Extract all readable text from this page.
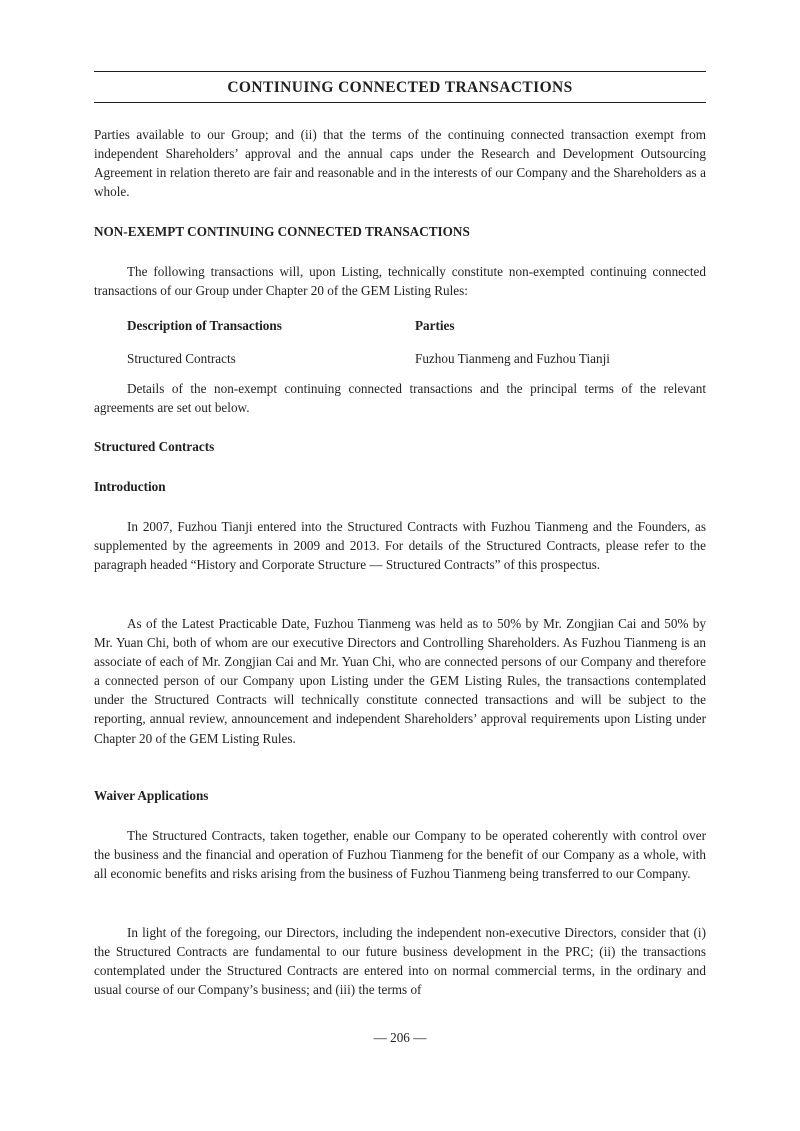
CONTINUING CONNECTED TRANSACTIONS

Parties available to our Group; and (ii) that the terms of the continuing connected transaction exempt from independent Shareholders’ approval and the annual caps under the Research and Development Outsourcing Agreement in relation thereto are fair and reasonable and in the interests of our Company and the Shareholders as a whole.

NON-EXEMPT CONTINUING CONNECTED TRANSACTIONS

The following transactions will, upon Listing, technically constitute non-exempted continuing connected transactions of our Group under Chapter 20 of the GEM Listing Rules:

Description of Transactions	Parties
Structured Contracts	Fuzhou Tianmeng and Fuzhou Tianji

Details of the non-exempt continuing connected transactions and the principal terms of the relevant agreements are set out below.

Structured Contracts
Introduction

In 2007, Fuzhou Tianji entered into the Structured Contracts with Fuzhou Tianmeng and the Founders, as supplemented by the agreements in 2009 and 2013. For details of the Structured Contracts, please refer to the paragraph headed “History and Corporate Structure — Structured Contracts” of this prospectus.

As of the Latest Practicable Date, Fuzhou Tianmeng was held as to 50% by Mr. Zongjian Cai and 50% by Mr. Yuan Chi, both of whom are our executive Directors and Controlling Shareholders. As Fuzhou Tianmeng is an associate of each of Mr. Zongjian Cai and Mr. Yuan Chi, who are connected persons of our Company and therefore a connected person of our Company upon Listing under the GEM Listing Rules, the transactions contemplated under the Structured Contracts will technically constitute connected transactions and will be subject to the reporting, annual review, announcement and independent Shareholders’ approval requirements upon Listing under Chapter 20 of the GEM Listing Rules.

Waiver Applications

The Structured Contracts, taken together, enable our Company to be operated coherently with control over the business and the financial and operation of Fuzhou Tianmeng for the benefit of our Company as a whole, with all economic benefits and risks arising from the business of Fuzhou Tianmeng being transferred to our Company.

In light of the foregoing, our Directors, including the independent non-executive Directors, consider that (i) the Structured Contracts are fundamental to our future business development in the PRC; (ii) the transactions contemplated under the Structured Contracts are entered into on normal commercial terms, in the ordinary and usual course of our Company’s business; and (iii) the terms of

— 206 —
